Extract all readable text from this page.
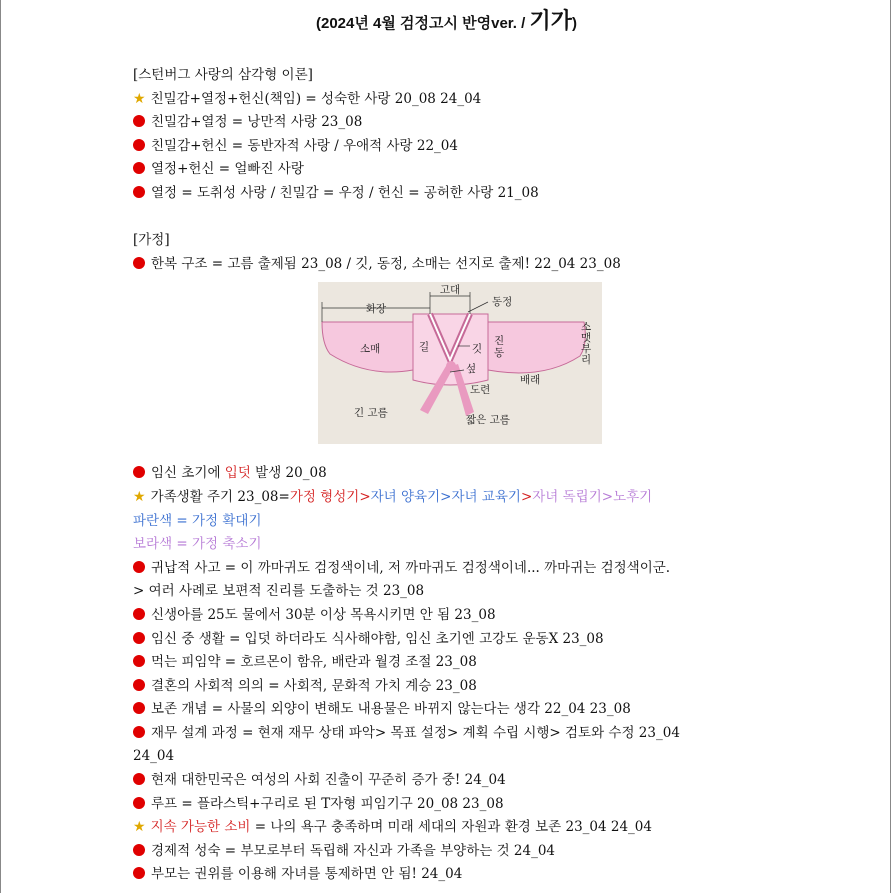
(2024년 4월 검정고시 반영ver. / 기가)
[스턴버그 사랑의 삼각형 이론]
★ 친밀감+열정+헌신(책임) = 성숙한 사랑 20_08 24_04
친밀감+열정 = 낭만적 사랑 23_08
친밀감+헌신 = 동반자적 사랑 / 우애적 사랑 22_04
열정+헌신 = 얼빠진 사랑
열정 = 도취성 사랑 / 친밀감 = 우정 / 헌신 = 공허한 사랑 21_08
[가정]
한복 구조 = 고름 출제됨 23_08 / 깃, 동정, 소매는 선지로 출제! 22_04 23_08
임신 초기에 입덧 발생 20_08
★ 가족생활 주기 23_08=가정 형성기>자녀 양육기>자녀 교육기>자녀 독립기>노후기
파란색 = 가정 확대기
보라색 = 가정 축소기
귀납적 사고 = 이 까마귀도 검정색이네, 저 까마귀도 검정색이네... 까마귀는 검정색이군.
> 여러 사례로 보편적 진리를 도출하는 것 23_08
신생아를 25도 물에서 30분 이상 목욕시키면 안 됨 23_08
임신 중 생활 = 입덧 하더라도 식사해야함, 임신 초기엔 고강도 운동X 23_08
먹는 피임약 = 호르몬이 함유, 배란과 월경 조절 23_08
결혼의 사회적 의의 = 사회적, 문화적 가치 계승 23_08
보존 개념 = 사물의 외양이 변해도 내용물은 바뀌지 않는다는 생각 22_04 23_08
재무 설계 과정 = 현재 재무 상태 파악> 목표 설정> 계획 수립 시행> 검토와 수정 23_04
24_04
현재 대한민국은 여성의 사회 진출이 꾸준히 증가 중! 24_04
루프 = 플라스틱+구리로 된 T자형 피임기구 20_08 23_08
★ 지속 가능한 소비 = 나의 욕구 충족하며 미래 세대의 자원과 환경 보존 23_04 24_04
경제적 성숙 = 부모로부터 독립해 자신과 가족을 부양하는 것 24_04
부모는 권위를 이용해 자녀를 통제하면 안 됨! 24_04
화장
고대
동정
소매	길	깃
섶
도련
배래
긴 고름
짧은 고름
진 동
소 맷 부 리
